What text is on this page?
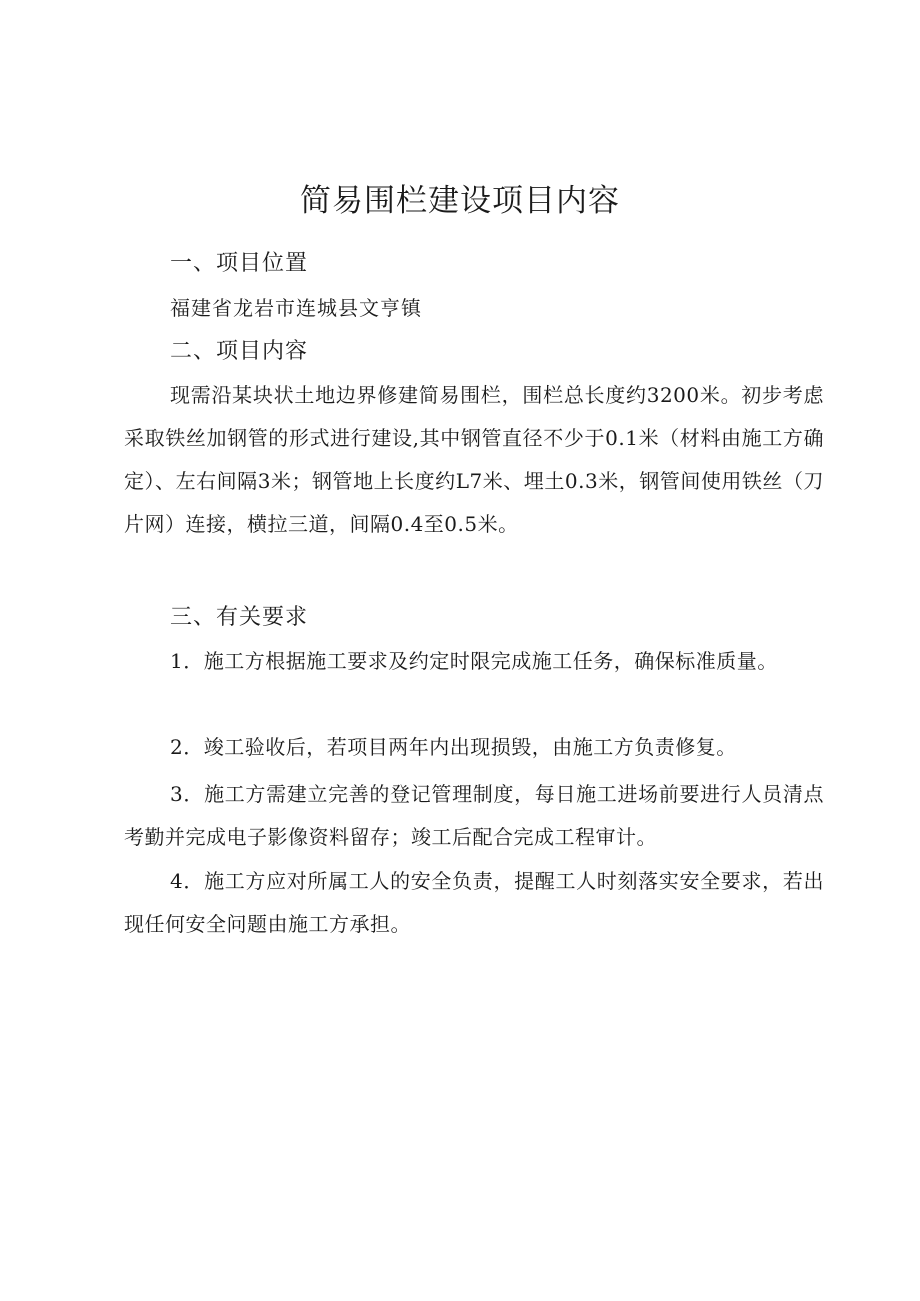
简易围栏建设项目内容
一、项目位置
福建省龙岩市连城县文亨镇
二、项目内容
现需沿某块状土地边界修建简易围栏，围栏总长度约3200米。初步考虑采取铁丝加钢管的形式进行建设,其中钢管直径不少于0.1米（材料由施工方确定）、左右间隔3米；钢管地上长度约L7米、埋土0.3米，钢管间使用铁丝（刀片网）连接，横拉三道，间隔0.4至0.5米。
三、有关要求
1．施工方根据施工要求及约定时限完成施工任务，确保标准质量。
2．竣工验收后，若项目两年内出现损毁，由施工方负责修复。
3．施工方需建立完善的登记管理制度，每日施工进场前要进行人员清点考勤并完成电子影像资料留存；竣工后配合完成工程审计。
4．施工方应对所属工人的安全负责，提醒工人时刻落实安全要求，若出现任何安全问题由施工方承担。
